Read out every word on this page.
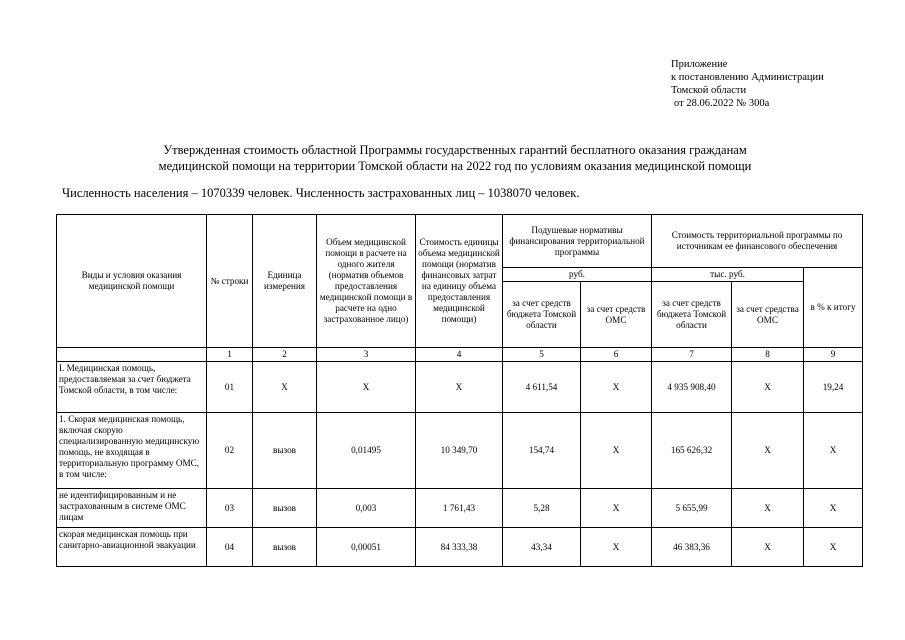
Приложение
к постановлению Администрации
Томской области
от 28.06.2022 № 300а
Утвержденная стоимость областной Программы государственных гарантий бесплатного оказания гражданам
медицинской помощи на территории Томской области на 2022 год по условиям оказания медицинской помощи
Численность населения – 1070339 человек. Численность застрахованных лиц – 1038070 человек.
Виды и условия оказания медицинской помощи	№ строки	Единица измерения	Объем медицинской помощи в расчете на одного жителя (норматив объемов предоставления медицинской помощи в расчете на одно застрахованное лицо)	Стоимость единицы объема медицинской помощи (норматив финансовых затрат на единицу объема предоставления медицинской помощи)	Подушевые нормативы финансирования территориальной программы		Стоимость территориальной программы по источникам ее финансового обеспечения		
					руб.		тыс. руб.		в % к итогу
					за счет средств бюджета Томской области	за счет средств ОМС	за счет средств бюджета Томской области	за счет средства ОМС	
	1	2	3	4	5	6	7	8	9
I. Медицинская помощь, предоставляемая за счет бюджета Томской области, в том числе:	01	Х	Х	Х	4 611,54	Х	4 935 908,40	Х	19,24
1. Скорая медицинская помощь, включая скорую специализированную медицинскую помощь, не входящая в территориальную программу ОМС, в том числе:	02	вызов	0,01495	10 349,70	154,74	Х	165 626,32	Х	Х
не идентифицированным и не застрахованным в системе ОМС лицам	03	вызов	0,003	1 761,43	5,28	Х	5 655,99	Х	Х
скорая медицинская помощь при санитарно-авиационной эвакуации	04	вызов	0,00051	84 333,38	43,34	Х	46 383,36	Х	Х
